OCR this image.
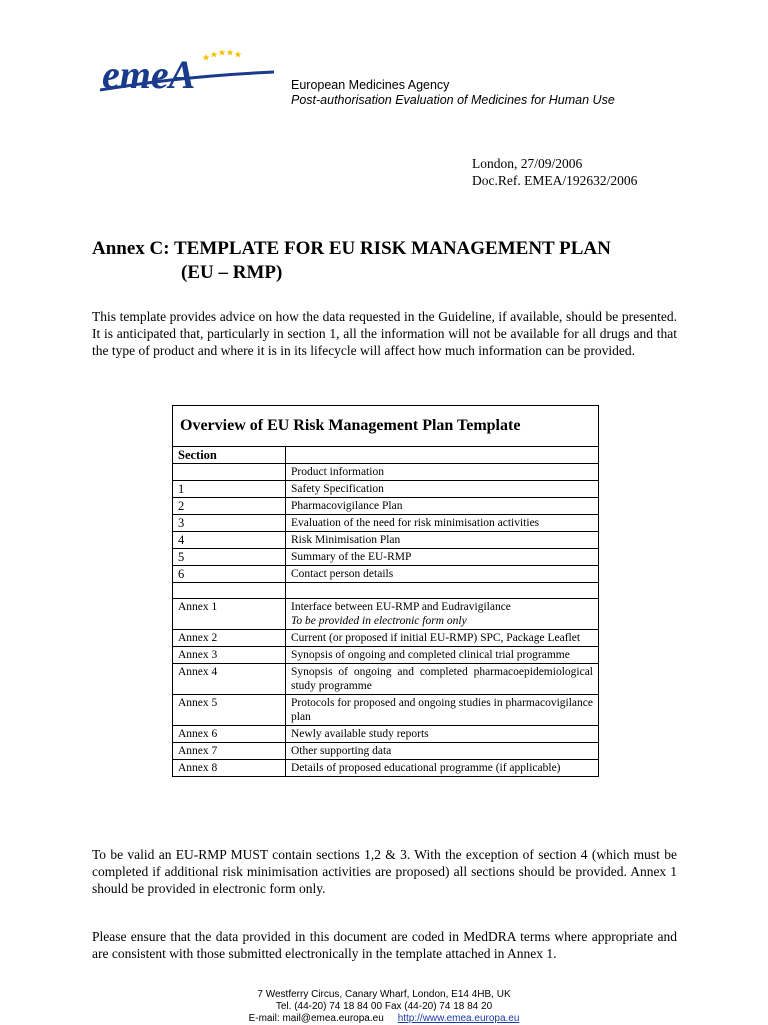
emeA	European Medicines Agency
Post-authorisation Evaluation of Medicines for Human Use
London, 27/09/2006
Doc.Ref. EMEA/192632/2006
Annex C: TEMPLATE FOR EU RISK MANAGEMENT PLAN
(EU – RMP)
This template provides advice on how the data requested in the Guideline, if available, should be presented. It is anticipated that, particularly in section 1, all the information will not be available for all drugs and that the type of product and where it is in its lifecycle will affect how much information can be provided.
Overview of EU Risk Management Plan Template
Section	
	Product information
1	Safety Specification
2	Pharmacovigilance Plan
3	Evaluation of the need for risk minimisation activities
4	Risk Minimisation Plan
5	Summary of the EU-RMP
6	Contact person details

Annex 1	Interface between EU-RMP and Eudravigilance
To be provided in electronic form only

Annex 2	Current (or proposed if initial EU-RMP) SPC, Package Leaflet
Annex 3	Synopsis of ongoing and completed clinical trial programme
Annex 4	Synopsis of ongoing and completed pharmacoepidemiological study programme
Annex 5	Protocols for proposed and ongoing studies in pharmacovigilance plan
Annex 6	Newly available study reports
Annex 7	Other supporting data
Annex 8	Details of proposed educational programme (if applicable)
To be valid an EU-RMP MUST contain sections 1,2 & 3. With the exception of section 4 (which must be completed if additional risk minimisation activities are proposed) all sections should be provided. Annex 1 should be provided in electronic form only.
Please ensure that the data provided in this document are coded in MedDRA terms where appropriate and are consistent with those submitted electronically in the template attached in Annex 1.
7 Westferry Circus, Canary Wharf, London, E14 4HB, UK
Tel. (44-20) 74 18 84 00 Fax (44-20) 74 18 84 20
E-mail: mail@emea.europa.eu http://www.emea.europa.eu
